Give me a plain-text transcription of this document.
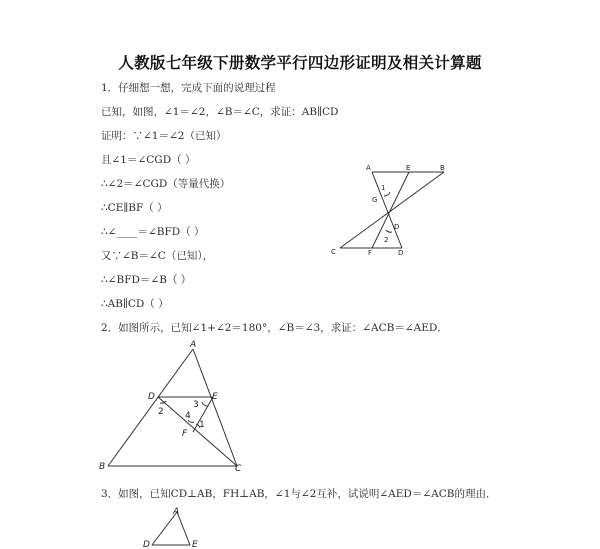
人教版七年级下册数学平行四边形证明及相关计算题
1．仔细想一想，完成下面的说理过程
已知，如图，∠1＝∠2，∠B＝∠C，求证：AB∥CD
证明：∵∠1＝∠2（已知）
且∠1＝∠CGD（ ）
∴∠2＝∠CGD（等量代换）
∴CE∥BF（ ）
∴∠____＝∠BFD（ ）
又∵∠B＝∠C（已知），
∴∠BFD＝∠B（ ）
∴AB∥CD（ ）
2．如图所示，已知∠1+∠2＝180°，∠B＝∠3，求证：∠ACB＝∠AED．
3．如图，已知CD⊥AB，FH⊥AB，∠1与∠2互补，试说明∠AED＝∠ACB的理由．
A	E	B
G
1
D
2
C	F	D
A
D	E
B	C
F
2
3
4
1
A
D	E
